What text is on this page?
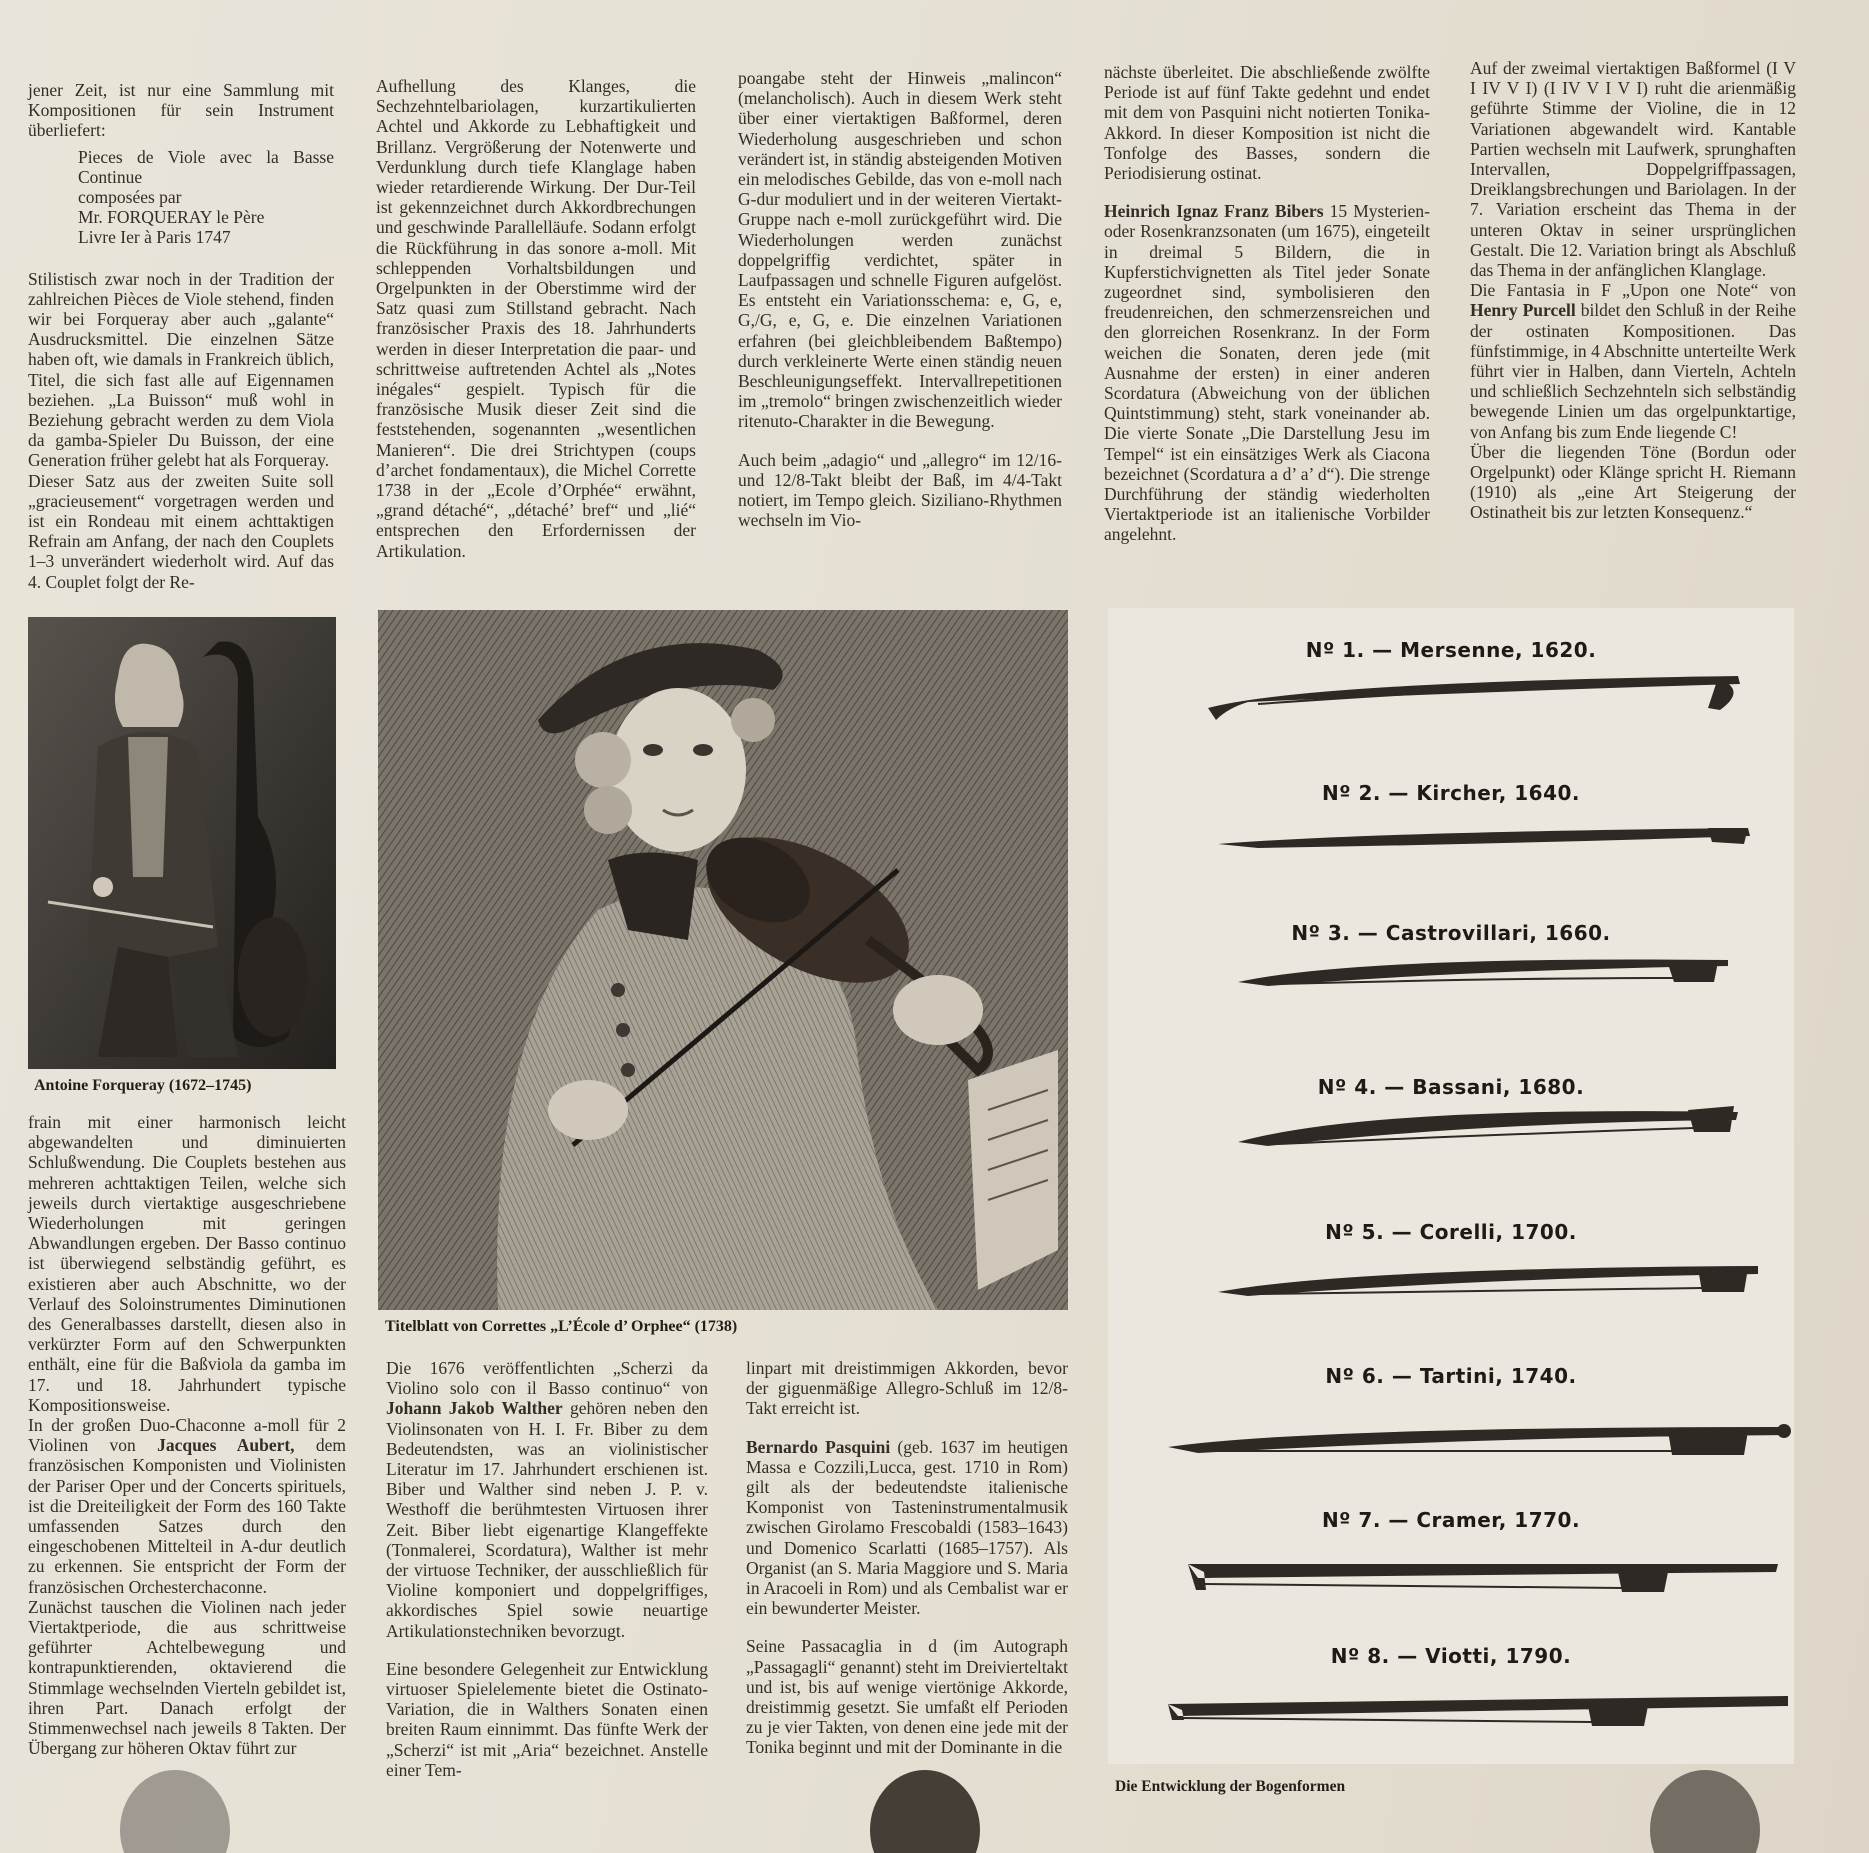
jener Zeit, ist nur eine Sammlung mit Kompositionen für sein Instrument überliefert:

Pieces de Viole avec la Basse Continue
composées par
Mr. FORQUERAY le Père
Livre Ier à Paris 1747

Stilistisch zwar noch in der Tradition der zahlreichen Pièces de Viole stehend, finden wir bei Forqueray aber auch „galante“ Ausdrucksmittel. Die einzelnen Sätze haben oft, wie damals in Frankreich üblich, Titel, die sich fast alle auf Eigennamen beziehen. „La Buisson“ muß wohl in Beziehung gebracht werden zu dem Viola da gamba-Spieler Du Buisson, der eine Generation früher gelebt hat als Forqueray.

Dieser Satz aus der zweiten Suite soll „gracieusement“ vorgetragen werden und ist ein Rondeau mit einem achttaktigen Refrain am Anfang, der nach den Couplets 1–3 unverändert wiederholt wird. Auf das 4. Couplet folgt der Re-

Aufhellung des Klanges, die Sechzehntelbariolagen, kurzartikulierten Achtel und Akkorde zu Lebhaftigkeit und Brillanz. Vergrößerung der Notenwerte und Verdunklung durch tiefe Klanglage haben wieder retardierende Wirkung. Der Dur-Teil ist gekennzeichnet durch Akkordbrechungen und geschwinde Parallelläufe. Sodann erfolgt die Rückführung in das sonore a-moll. Mit schleppenden Vorhaltsbildungen und Orgelpunkten in der Oberstimme wird der Satz quasi zum Stillstand gebracht. Nach französischer Praxis des 18. Jahrhunderts werden in dieser Interpretation die paar- und schrittweise auftretenden Achtel als „Notes inégales“ gespielt. Typisch für die französische Musik dieser Zeit sind die feststehenden, sogenannten „wesentlichen Manieren“. Die drei Strichtypen (coups d’archet fondamentaux), die Michel Corrette 1738 in der „Ecole d’Orphée“ erwähnt, „grand détaché“, „détaché’ bref“ und „lié“ entsprechen den Erfordernissen der Artikulation.

poangabe steht der Hinweis „malincon“ (melancholisch). Auch in diesem Werk steht über einer viertaktigen Baßformel, deren Wiederholung ausgeschrieben und schon verändert ist, in ständig absteigenden Motiven ein melodisches Gebilde, das von e-moll nach G-dur moduliert und in der weiteren Viertakt-Gruppe nach e-moll zurückgeführt wird. Die Wiederholungen werden zunächst doppelgriffig verdichtet, später in Laufpassagen und schnelle Figuren aufgelöst. Es entsteht ein Variationsschema: e, G, e, G,/G, e, G, e. Die einzelnen Variationen erfahren (bei gleichbleibendem Baßtempo) durch verkleinerte Werte einen ständig neuen Beschleunigungseffekt. Intervallrepetitionen im „tremolo“ bringen zwischenzeitlich wieder ritenuto-Charakter in die Bewegung.

Auch beim „adagio“ und „allegro“ im 12/16- und 12/8-Takt bleibt der Baß, im 4/4-Takt notiert, im Tempo gleich. Siziliano-Rhythmen wechseln im Vio-

nächste überleitet. Die abschließende zwölfte Periode ist auf fünf Takte gedehnt und endet mit dem von Pasquini nicht notierten Tonika-Akkord. In dieser Komposition ist nicht die Tonfolge des Basses, sondern die Periodisierung ostinat.

Heinrich Ignaz Franz Bibers 15 Mysterien- oder Rosenkranzsonaten (um 1675), eingeteilt in dreimal 5 Bildern, die in Kupferstichvignetten als Titel jeder Sonate zugeordnet sind, symbolisieren den freudenreichen, den schmerzensreichen und den glorreichen Rosenkranz. In der Form weichen die Sonaten, deren jede (mit Ausnahme der ersten) in einer anderen Scordatura (Abweichung von der üblichen Quintstimmung) steht, stark voneinander ab. Die vierte Sonate „Die Darstellung Jesu im Tempel“ ist ein einsätziges Werk als Ciacona bezeichnet (Scordatura a d’ a’ d“). Die strenge Durchführung der ständig wiederholten Viertaktperiode ist an italienische Vorbilder angelehnt.

Auf der zweimal viertaktigen Baßformel (I V I IV V I) (I IV V I V I) ruht die arienmäßig geführte Stimme der Violine, die in 12 Variationen abgewandelt wird. Kantable Partien wechseln mit Laufwerk, sprunghaften Intervallen, Doppelgriffpassagen, Dreiklangsbrechungen und Bariolagen. In der 7. Variation erscheint das Thema in der unteren Oktav in seiner ursprünglichen Gestalt. Die 12. Variation bringt als Abschluß das Thema in der anfänglichen Klanglage.

Die Fantasia in F „Upon one Note“ von Henry Purcell bildet den Schluß in der Reihe der ostinaten Kompositionen. Das fünfstimmige, in 4 Abschnitte unterteilte Werk führt vier in Halben, dann Vierteln, Achteln und schließlich Sechzehnteln sich selbständig bewegende Linien um das orgelpunktartige, von Anfang bis zum Ende liegende C!

Über die liegenden Töne (Bordun oder Orgelpunkt) oder Klänge spricht H. Riemann (1910) als „eine Art Steigerung der Ostinatheit bis zur letzten Konsequenz.“

Antoine Forqueray (1672–1745)
Titelblatt von Correttes „L’École d’ Orphee“ (1738)
Nº 1. — Mersenne, 1620.
Nº 2. — Kircher, 1640.
Nº 3. — Castrovillari, 1660.
Nº 4. — Bassani, 1680.
Nº 5. — Corelli, 1700.
Nº 6. — Tartini, 1740.
Nº 7. — Cramer, 1770.
Nº 8. — Viotti, 1790.
Die Entwicklung der Bogenformen

frain mit einer harmonisch leicht abgewandelten und diminuierten Schlußwendung. Die Couplets bestehen aus mehreren achttaktigen Teilen, welche sich jeweils durch viertaktige ausgeschriebene Wiederholungen mit geringen Abwandlungen ergeben. Der Basso continuo ist überwiegend selbständig geführt, es existieren aber auch Abschnitte, wo der Verlauf des Soloinstrumentes Diminutionen des Generalbasses darstellt, diesen also in verkürzter Form auf den Schwerpunkten enthält, eine für die Baßviola da gamba im 17. und 18. Jahrhundert typische Kompositionsweise.

In der großen Duo-Chaconne a-moll für 2 Violinen von Jacques Aubert, dem französischen Komponisten und Violinisten der Pariser Oper und der Concerts spirituels, ist die Dreiteiligkeit der Form des 160 Takte umfassenden Satzes durch den eingeschobenen Mittelteil in A-dur deutlich zu erkennen. Sie entspricht der Form der französischen Orchesterchaconne.

Zunächst tauschen die Violinen nach jeder Viertaktperiode, die aus schrittweise geführter Achtelbewegung und kontrapunktierenden, oktavierend die Stimmlage wechselnden Vierteln gebildet ist, ihren Part. Danach erfolgt der Stimmenwechsel nach jeweils 8 Takten. Der Übergang zur höheren Oktav führt zur

Die 1676 veröffentlichten „Scherzi da Violino solo con il Basso continuo“ von Johann Jakob Walther gehören neben den Violinsonaten von H. I. Fr. Biber zu dem Bedeutendsten, was an violinistischer Literatur im 17. Jahrhundert erschienen ist. Biber und Walther sind neben J. P. v. Westhoff die berühmtesten Virtuosen ihrer Zeit. Biber liebt eigenartige Klangeffekte (Tonmalerei, Scordatura), Walther ist mehr der virtuose Techniker, der ausschließlich für Violine komponiert und doppelgriffiges, akkordisches Spiel sowie neuartige Artikulationstechniken bevorzugt.

Eine besondere Gelegenheit zur Entwicklung virtuoser Spielelemente bietet die Ostinato-Variation, die in Walthers Sonaten einen breiten Raum einnimmt. Das fünfte Werk der „Scherzi“ ist mit „Aria“ bezeichnet. Anstelle einer Tem-

linpart mit dreistimmigen Akkorden, bevor der giguenmäßige Allegro-Schluß im 12/8-Takt erreicht ist.

Bernardo Pasquini (geb. 1637 im heutigen Massa e Cozzili,Lucca, gest. 1710 in Rom) gilt als der bedeutendste italienische Komponist von Tasteninstrumentalmusik zwischen Girolamo Frescobaldi (1583–1643) und Domenico Scarlatti (1685–1757). Als Organist (an S. Maria Maggiore und S. Maria in Aracoeli in Rom) und als Cembalist war er ein bewunderter Meister.

Seine Passacaglia in d (im Autograph „Passagagli“ genannt) steht im Dreivierteltakt und ist, bis auf wenige viertönige Akkorde, dreistimmig gesetzt. Sie umfaßt elf Perioden zu je vier Takten, von denen eine jede mit der Tonika beginnt und mit der Dominante in die
